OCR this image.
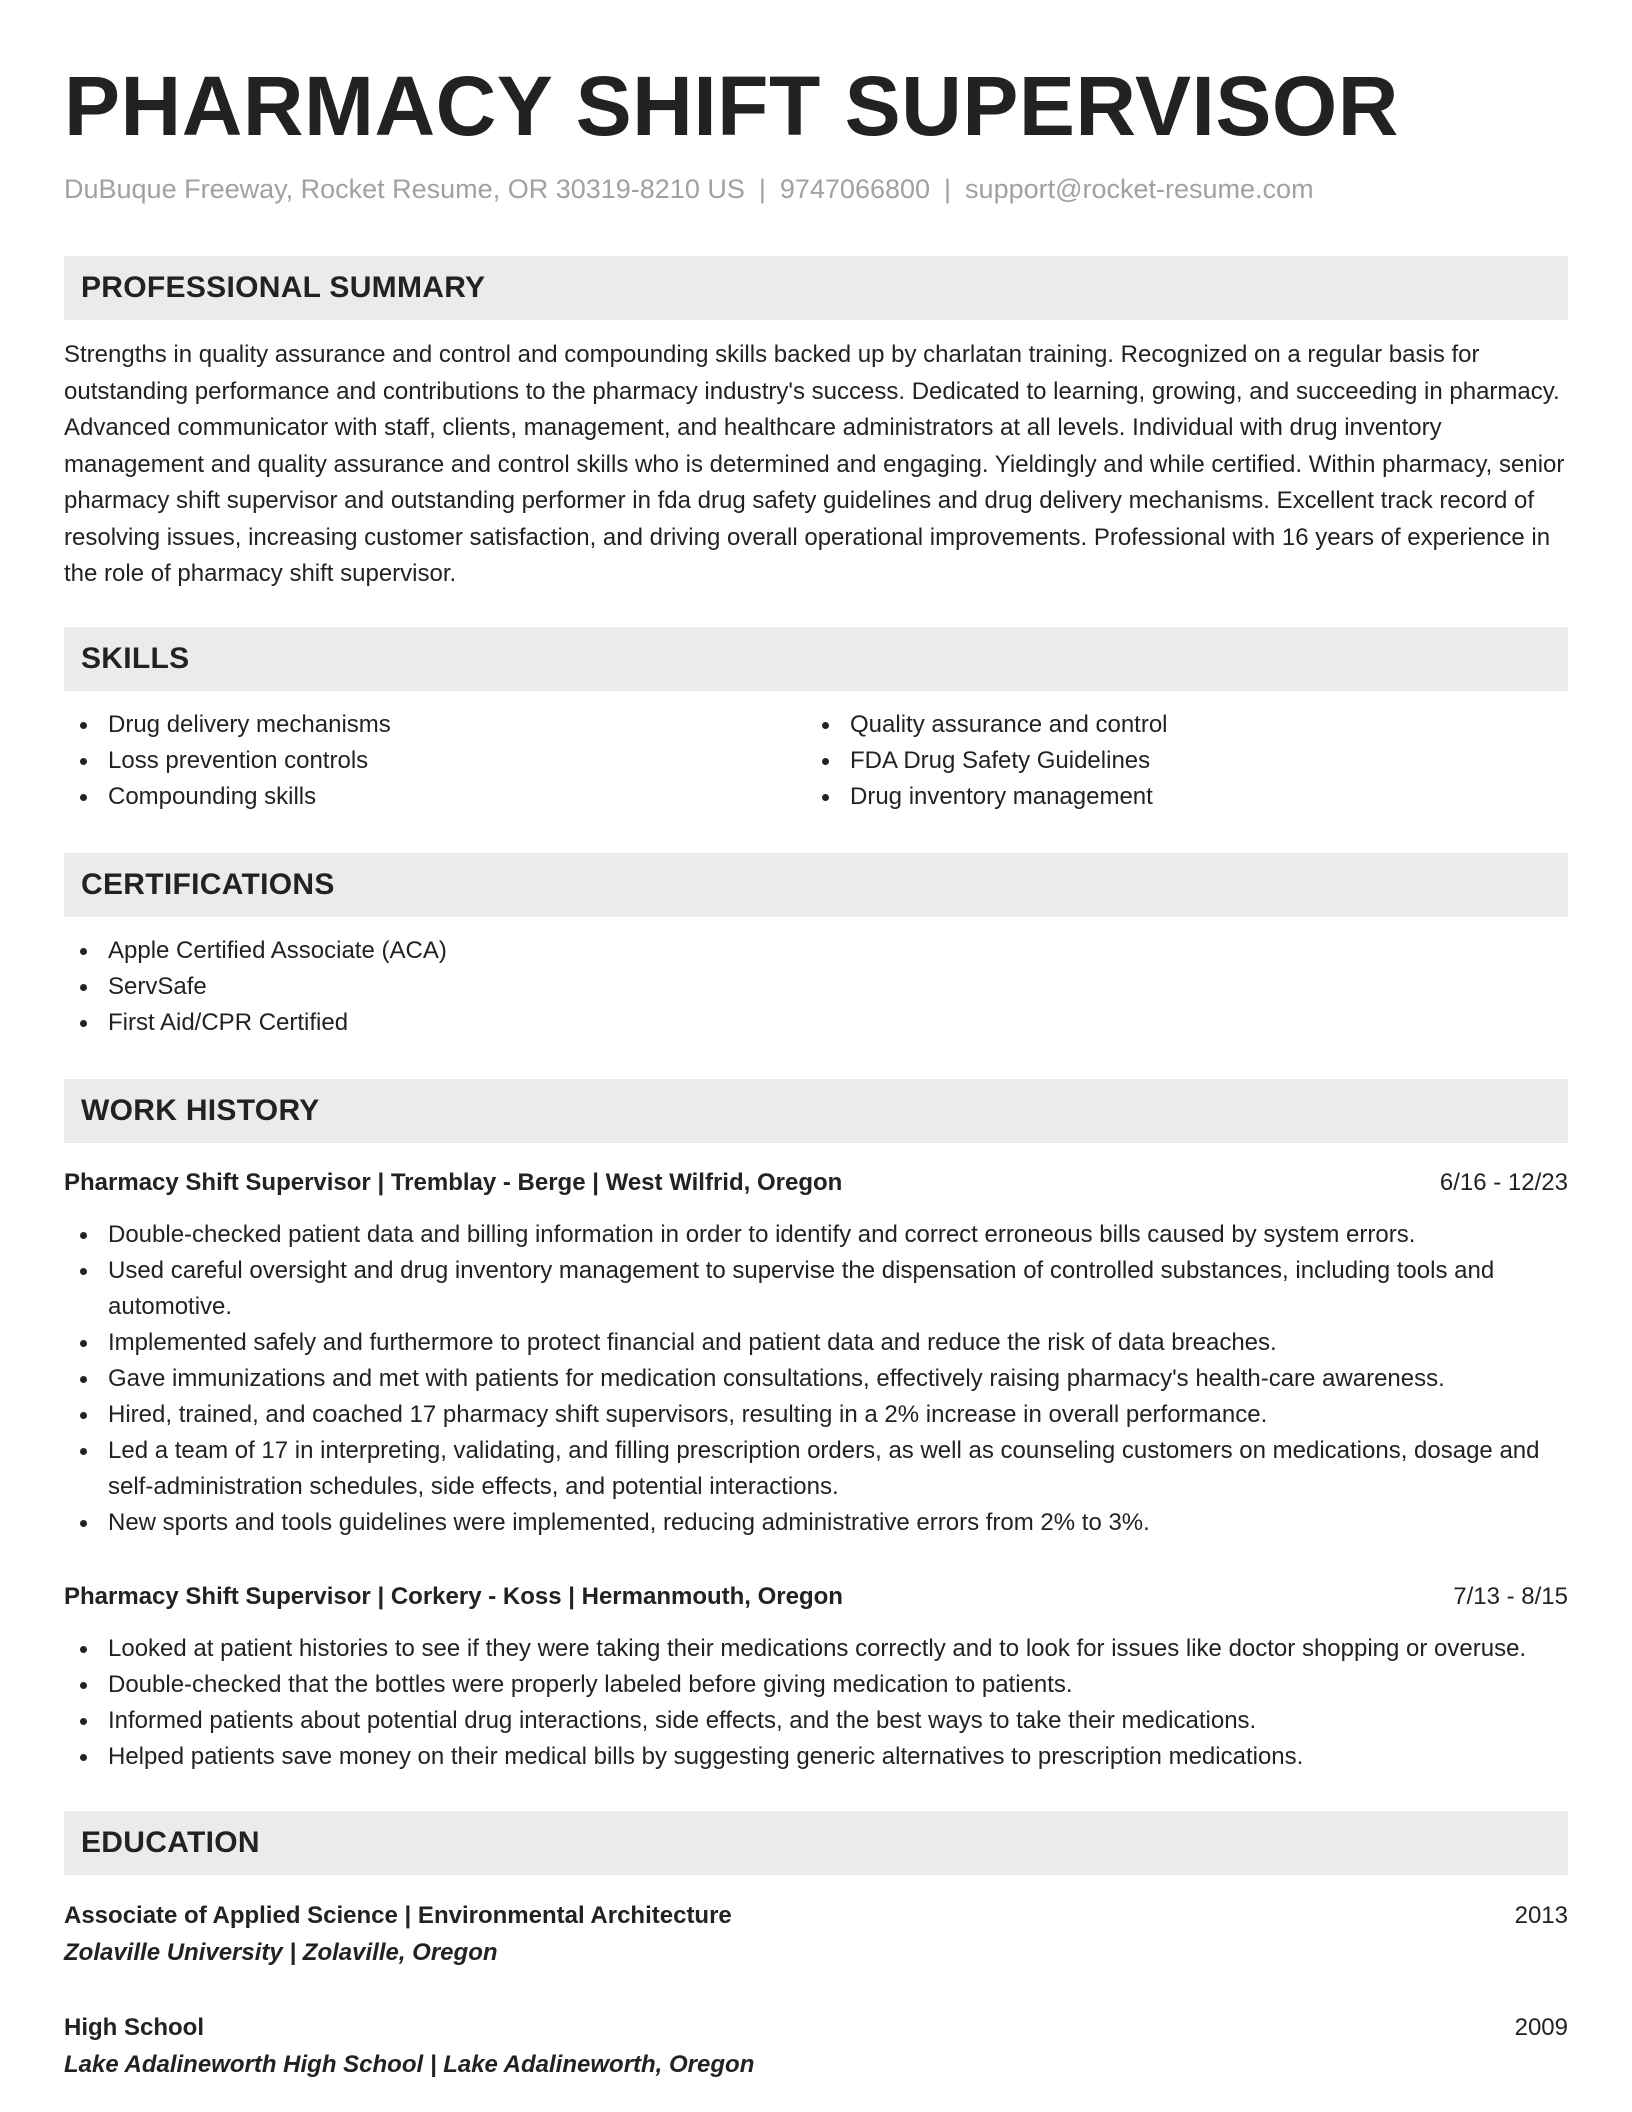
PHARMACY SHIFT SUPERVISOR
DuBuque Freeway, Rocket Resume, OR 30319-8210 US | 9747066800 | support@rocket-resume.com
PROFESSIONAL SUMMARY

Strengths in quality assurance and control and compounding skills backed up by charlatan training. Recognized on a regular basis for outstanding performance and contributions to the pharmacy industry's success. Dedicated to learning, growing, and succeeding in pharmacy. Advanced communicator with staff, clients, management, and healthcare administrators at all levels. Individual with drug inventory management and quality assurance and control skills who is determined and engaging. Yieldingly and while certified. Within pharmacy, senior pharmacy shift supervisor and outstanding performer in fda drug safety guidelines and drug delivery mechanisms. Excellent track record of resolving issues, increasing customer satisfaction, and driving overall operational improvements. Professional with 16 years of experience in the role of pharmacy shift supervisor.

SKILLS
Drug delivery mechanisms
Loss prevention controls
Compounding skills
Quality assurance and control
FDA Drug Safety Guidelines
Drug inventory management
CERTIFICATIONS
Apple Certified Associate (ACA)
ServSafe
First Aid/CPR Certified
WORK HISTORY
Pharmacy Shift Supervisor | Tremblay - Berge | West Wilfrid, Oregon	6/16 - 12/23
Double-checked patient data and billing information in order to identify and correct erroneous bills caused by system errors.
Used careful oversight and drug inventory management to supervise the dispensation of controlled substances, including tools and automotive.
Implemented safely and furthermore to protect financial and patient data and reduce the risk of data breaches.
Gave immunizations and met with patients for medication consultations, effectively raising pharmacy's health-care awareness.
Hired, trained, and coached 17 pharmacy shift supervisors, resulting in a 2% increase in overall performance.
Led a team of 17 in interpreting, validating, and filling prescription orders, as well as counseling customers on medications, dosage and self-administration schedules, side effects, and potential interactions.
New sports and tools guidelines were implemented, reducing administrative errors from 2% to 3%.
Pharmacy Shift Supervisor | Corkery - Koss | Hermanmouth, Oregon	7/13 - 8/15
Looked at patient histories to see if they were taking their medications correctly and to look for issues like doctor shopping or overuse.
Double-checked that the bottles were properly labeled before giving medication to patients.
Informed patients about potential drug interactions, side effects, and the best ways to take their medications.
Helped patients save money on their medical bills by suggesting generic alternatives to prescription medications.
EDUCATION
Associate of Applied Science | Environmental Architecture	2013
Zolaville University | Zolaville, Oregon
High School	2009
Lake Adalineworth High School | Lake Adalineworth, Oregon
